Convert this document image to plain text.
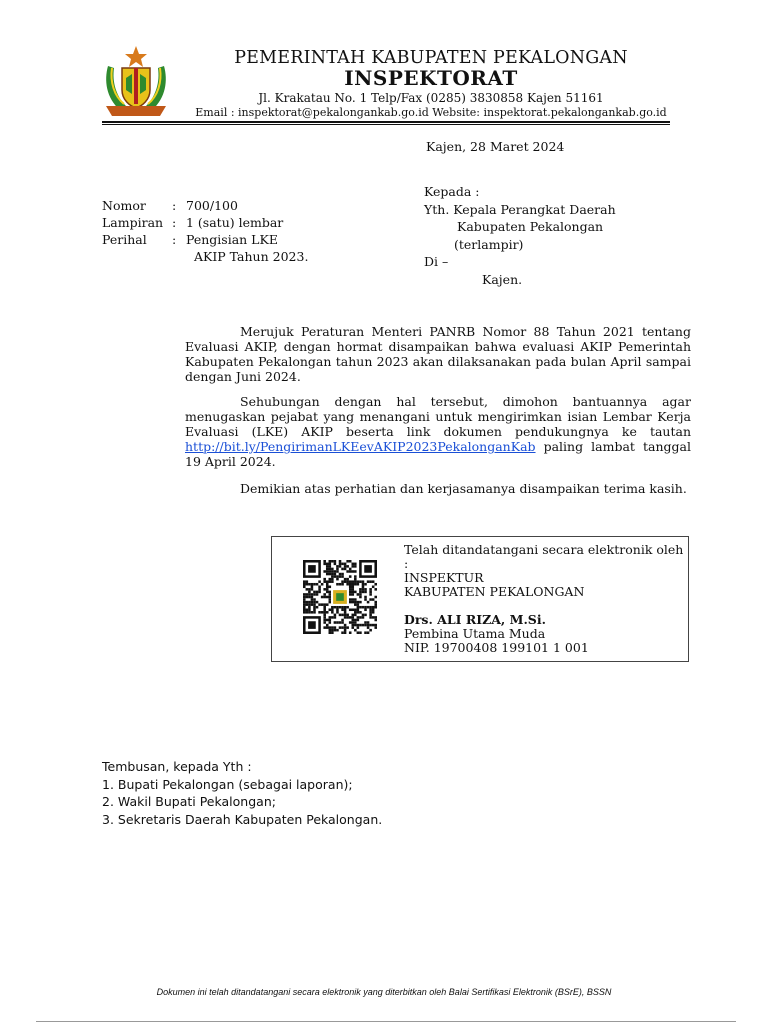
PEMERINTAH KABUPATEN PEKALONGAN
INSPEKTORAT
Jl. Krakatau No. 1 Telp/Fax (0285) 3830858 Kajen 51161
Email : inspektorat@pekalongankab.go.id Website: inspektorat.pekalongankab.go.id
Kajen, 28 Maret 2024
Kepada :
Yth. Kepala Perangkat Daerah
Kabupaten Pekalongan
(terlampir)
Di –
Kajen.
Nomor	:	700/100
Lampiran	:	1 (satu) lembar
Perihal	:	Pengisian LKE
		AKIP Tahun 2023.
Merujuk Peraturan Menteri PANRB Nomor 88 Tahun 2021 tentang Evaluasi AKIP, dengan hormat disampaikan bahwa evaluasi AKIP Pemerintah Kabupaten Pekalongan tahun 2023 akan dilaksanakan pada bulan April sampai dengan Juni 2024.
Sehubungan dengan hal tersebut, dimohon bantuannya agar menugaskan pejabat yang menangani untuk mengirimkan isian Lembar Kerja Evaluasi (LKE) AKIP beserta link dokumen pendukungnya ke tautan http://bit.ly/PengirimanLKEevAKIP2023PekalonganKab paling lambat tanggal 19 April 2024.
Demikian atas perhatian dan kerjasamanya disampaikan terima kasih.
Telah ditandatangani secara elektronik oleh :
INSPEKTUR
KABUPATEN PEKALONGAN
Drs. ALI RIZA, M.Si.
Pembina Utama Muda
NIP. 19700408 199101 1 001
Tembusan, kepada Yth :
1. Bupati Pekalongan (sebagai laporan);
2. Wakil Bupati Pekalongan;
3. Sekretaris Daerah Kabupaten Pekalongan.
Dokumen ini telah ditandatangani secara elektronik yang diterbitkan oleh Balai Sertifikasi Elektronik (BSrE), BSSN
